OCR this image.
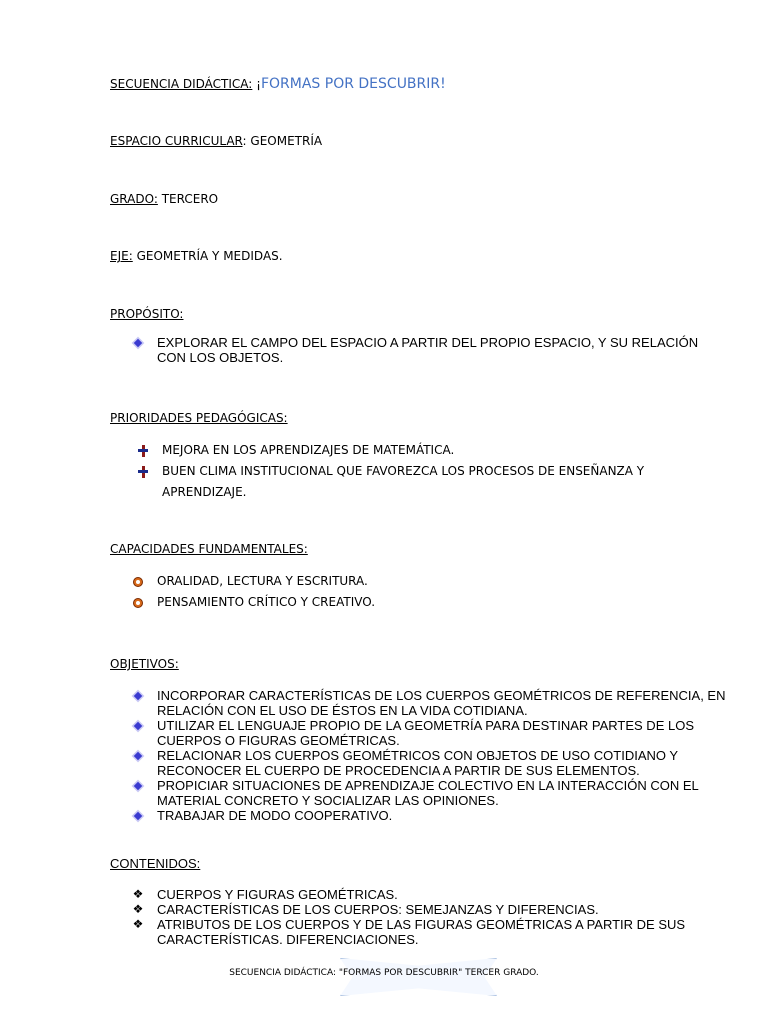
SECUENCIA DIDÁCTICA: ¡FORMAS POR DESCUBRIR!
ESPACIO CURRICULAR: GEOMETRÍA
GRADO: TERCERO
EJE: GEOMETRÍA Y MEDIDAS.
PROPÓSITO:
EXPLORAR EL CAMPO DEL ESPACIO A PARTIR DEL PROPIO ESPACIO, Y SU RELACIÓN CON LOS OBJETOS.
PRIORIDADES PEDAGÓGICAS:
MEJORA EN LOS APRENDIZAJES DE MATEMÁTICA.
BUEN CLIMA INSTITUCIONAL QUE FAVOREZCA LOS PROCESOS DE ENSEÑANZA Y APRENDIZAJE.
CAPACIDADES FUNDAMENTALES:
ORALIDAD, LECTURA Y ESCRITURA.
PENSAMIENTO CRÍTICO Y CREATIVO.
OBJETIVOS:
INCORPORAR CARACTERÍSTICAS DE LOS CUERPOS GEOMÉTRICOS DE REFERENCIA, EN RELACIÓN CON EL USO DE ÉSTOS EN LA VIDA COTIDIANA.
UTILIZAR EL LENGUAJE PROPIO DE LA GEOMETRÍA PARA DESTINAR PARTES DE LOS CUERPOS O FIGURAS GEOMÉTRICAS.
RELACIONAR LOS CUERPOS GEOMÉTRICOS CON OBJETOS DE USO COTIDIANO Y RECONOCER EL CUERPO DE PROCEDENCIA A PARTIR DE SUS ELEMENTOS.
PROPICIAR SITUACIONES DE APRENDIZAJE COLECTIVO EN LA INTERACCIÓN CON EL MATERIAL CONCRETO Y SOCIALIZAR LAS OPINIONES.
TRABAJAR DE MODO COOPERATIVO.
CONTENIDOS:
❖ CUERPOS Y FIGURAS GEOMÉTRICAS.
❖ CARACTERÍSTICAS DE LOS CUERPOS: SEMEJANZAS Y DIFERENCIAS.
❖ ATRIBUTOS DE LOS CUERPOS Y DE LAS FIGURAS GEOMÉTRICAS A PARTIR DE SUS CARACTERÍSTICAS. DIFERENCIACIONES.
SECUENCIA DIDÁCTICA: "FORMAS POR DESCUBRIR" TERCER GRADO.
